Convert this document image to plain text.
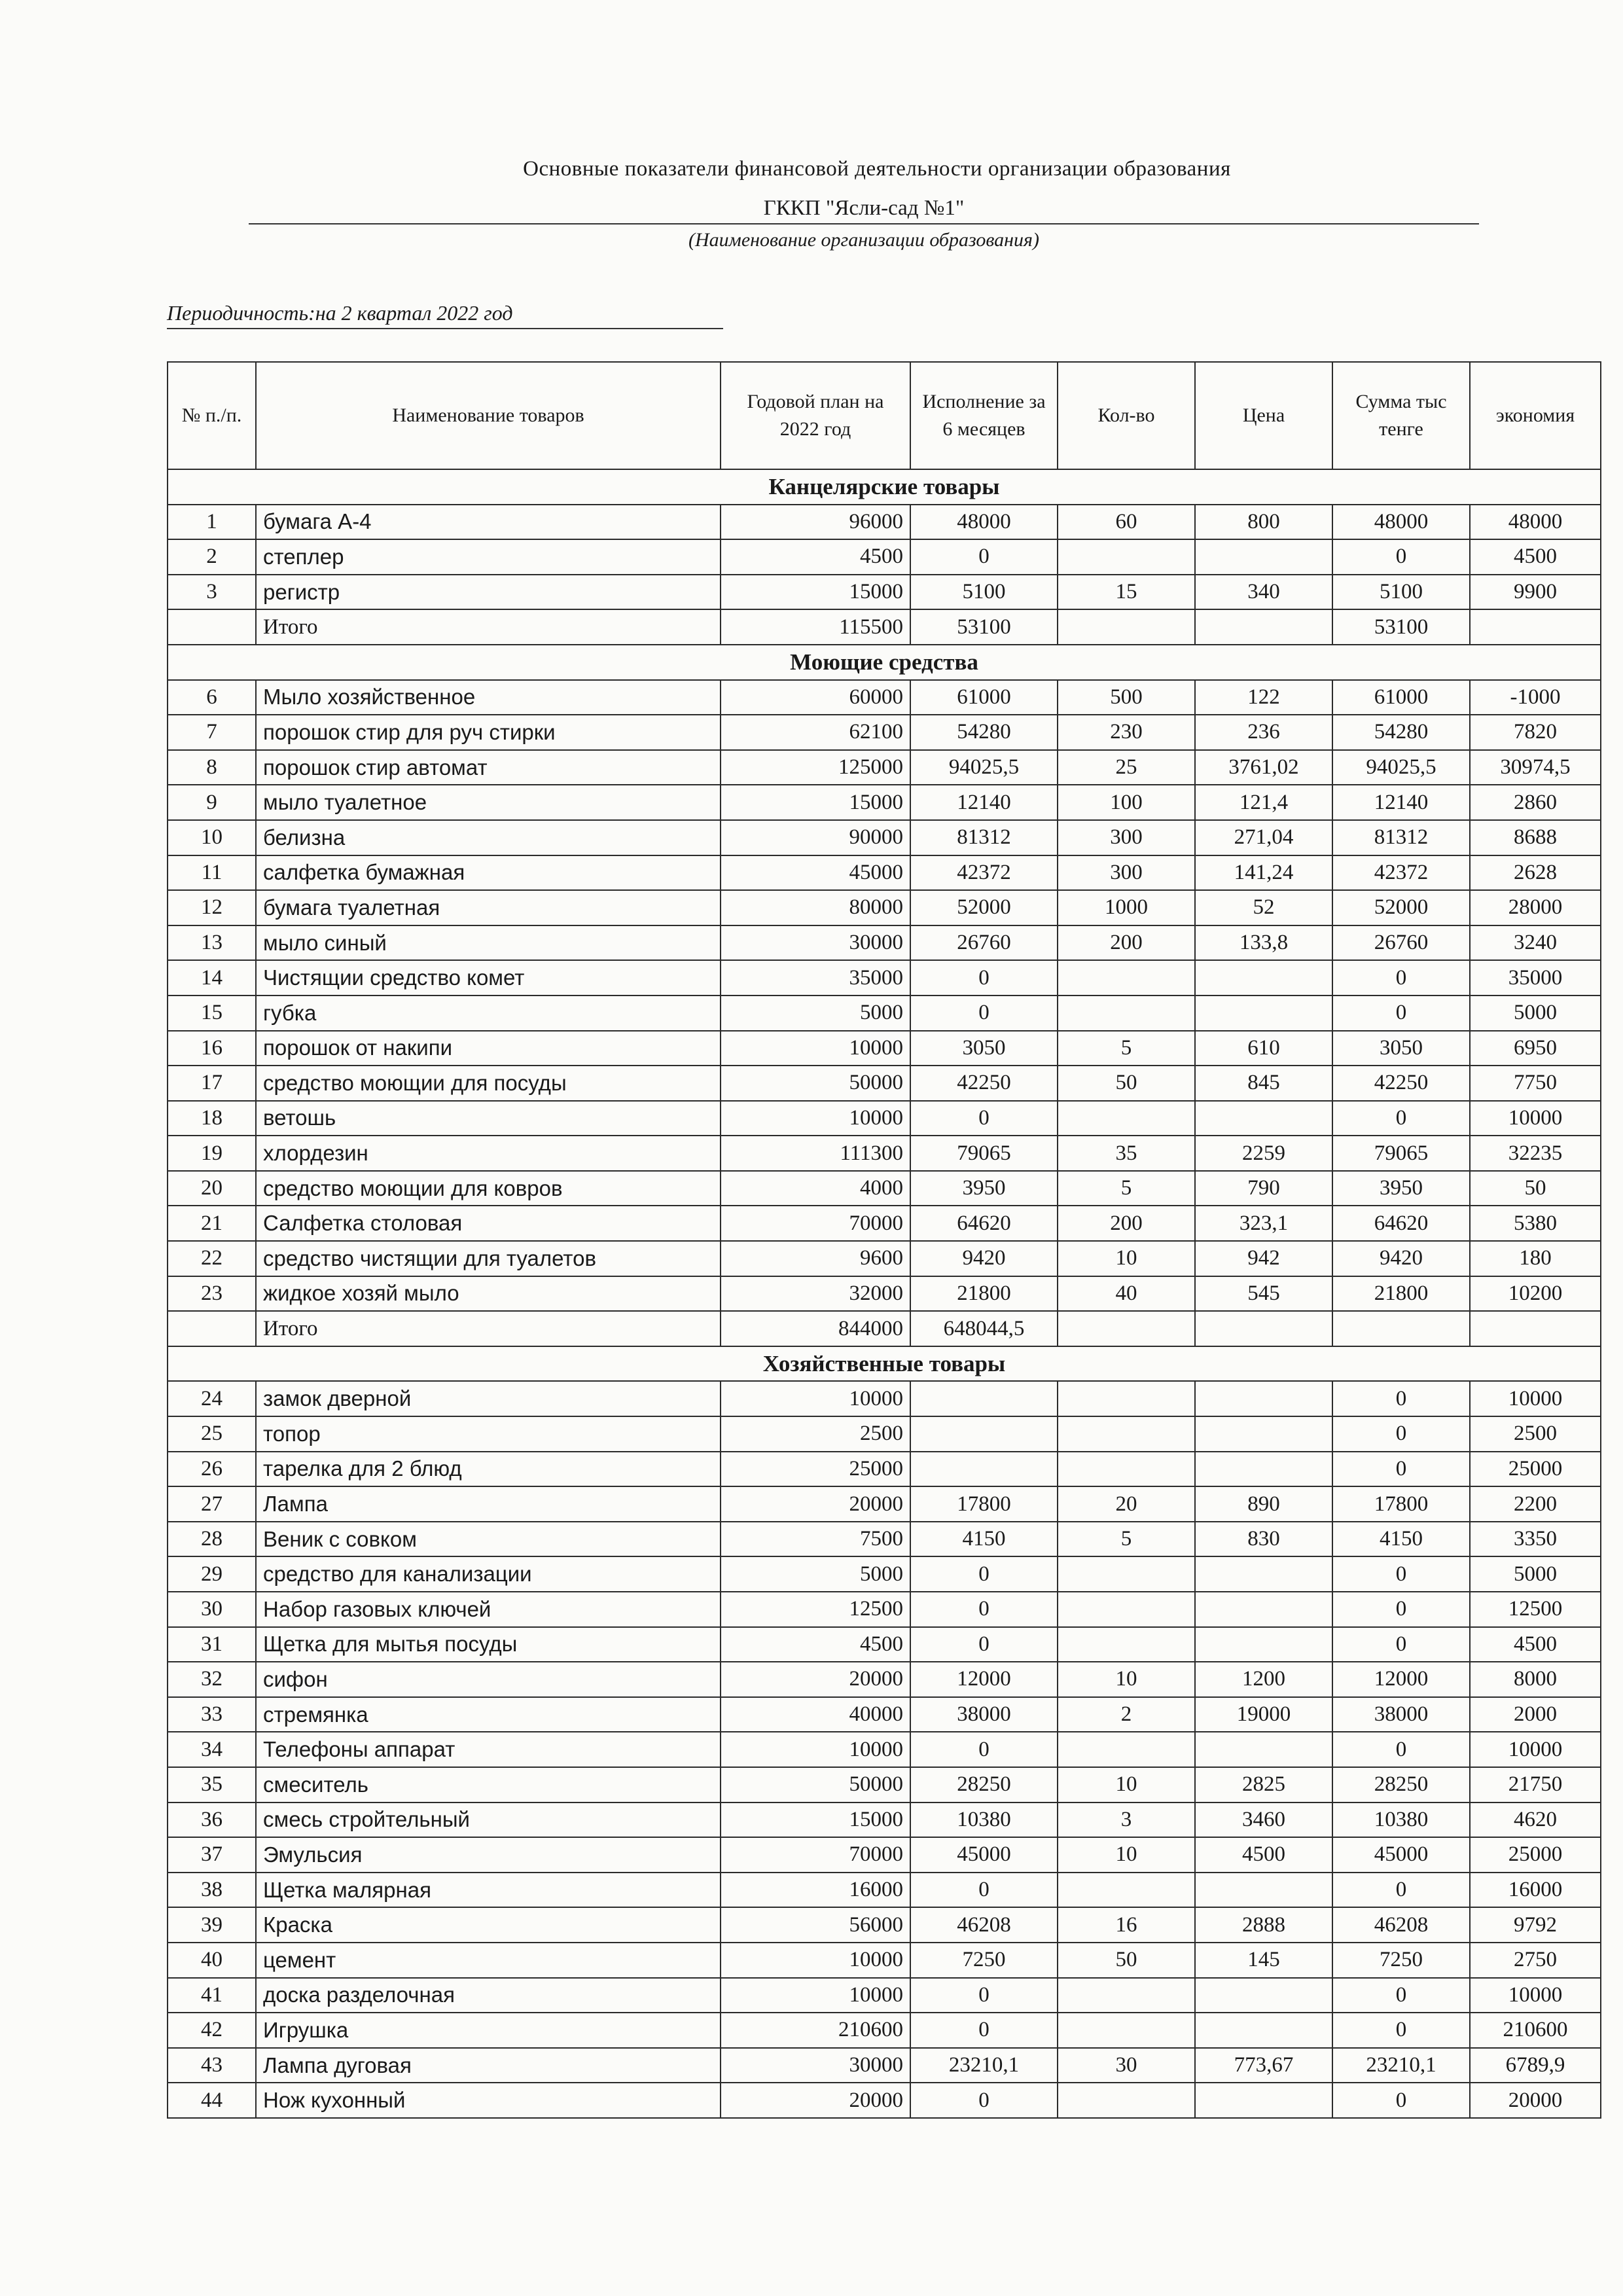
Основные показатели финансовой деятельности организации образования
ГККП "Ясли-сад №1"
(Наименование организации образования)
Периодичность:на 2 квартал 2022 год
№ п./п.	Наименование товаров	Годовой план на 2022 год	Исполнение за 6 месяцев	Кол-во	Цена	Сумма тыс тенге	экономия
Канцелярские товары							
1	бумага А-4	96000	48000	60	800	48000	48000
2	степлер	4500	0			0	4500
3	регистр	15000	5100	15	340	5100	9900
	Итого	115500	53100			53100	
Моющие средства							
6	Мыло хозяйственное	60000	61000	500	122	61000	-1000
7	порошок стир для руч стирки	62100	54280	230	236	54280	7820
8	порошок стир автомат	125000	94025,5	25	3761,02	94025,5	30974,5
9	мыло туалетное	15000	12140	100	121,4	12140	2860
10	белизна	90000	81312	300	271,04	81312	8688
11	салфетка бумажная	45000	42372	300	141,24	42372	2628
12	бумага туалетная	80000	52000	1000	52	52000	28000
13	мыло синый	30000	26760	200	133,8	26760	3240
14	Чистящии средство комет	35000	0			0	35000
15	губка	5000	0			0	5000
16	порошок от накипи	10000	3050	5	610	3050	6950
17	средство моющии для посуды	50000	42250	50	845	42250	7750
18	ветошь	10000	0			0	10000
19	хлордезин	111300	79065	35	2259	79065	32235
20	средство моющии для ковров	4000	3950	5	790	3950	50
21	Салфетка столовая	70000	64620	200	323,1	64620	5380
22	средство чистящии для туалетов	9600	9420	10	942	9420	180
23	жидкое хозяй мыло	32000	21800	40	545	21800	10200
	Итого	844000	648044,5				
Хозяйственные товары							
24	замок дверной	10000				0	10000
25	топор	2500				0	2500
26	тарелка для 2 блюд	25000				0	25000
27	Лампа	20000	17800	20	890	17800	2200
28	Веник с совком	7500	4150	5	830	4150	3350
29	средство для канализации	5000	0			0	5000
30	Набор газовых ключей	12500	0			0	12500
31	Щетка для мытья посуды	4500	0			0	4500
32	сифон	20000	12000	10	1200	12000	8000
33	стремянка	40000	38000	2	19000	38000	2000
34	Телефоны аппарат	10000	0			0	10000
35	смеситель	50000	28250	10	2825	28250	21750
36	смесь стройтельный	15000	10380	3	3460	10380	4620
37	Эмульсия	70000	45000	10	4500	45000	25000
38	Щетка малярная	16000	0			0	16000
39	Краска	56000	46208	16	2888	46208	9792
40	цемент	10000	7250	50	145	7250	2750
41	доска разделочная	10000	0			0	10000
42	Игрушка	210600	0			0	210600
43	Лампа дуговая	30000	23210,1	30	773,67	23210,1	6789,9
44	Нож кухонный	20000	0			0	20000
